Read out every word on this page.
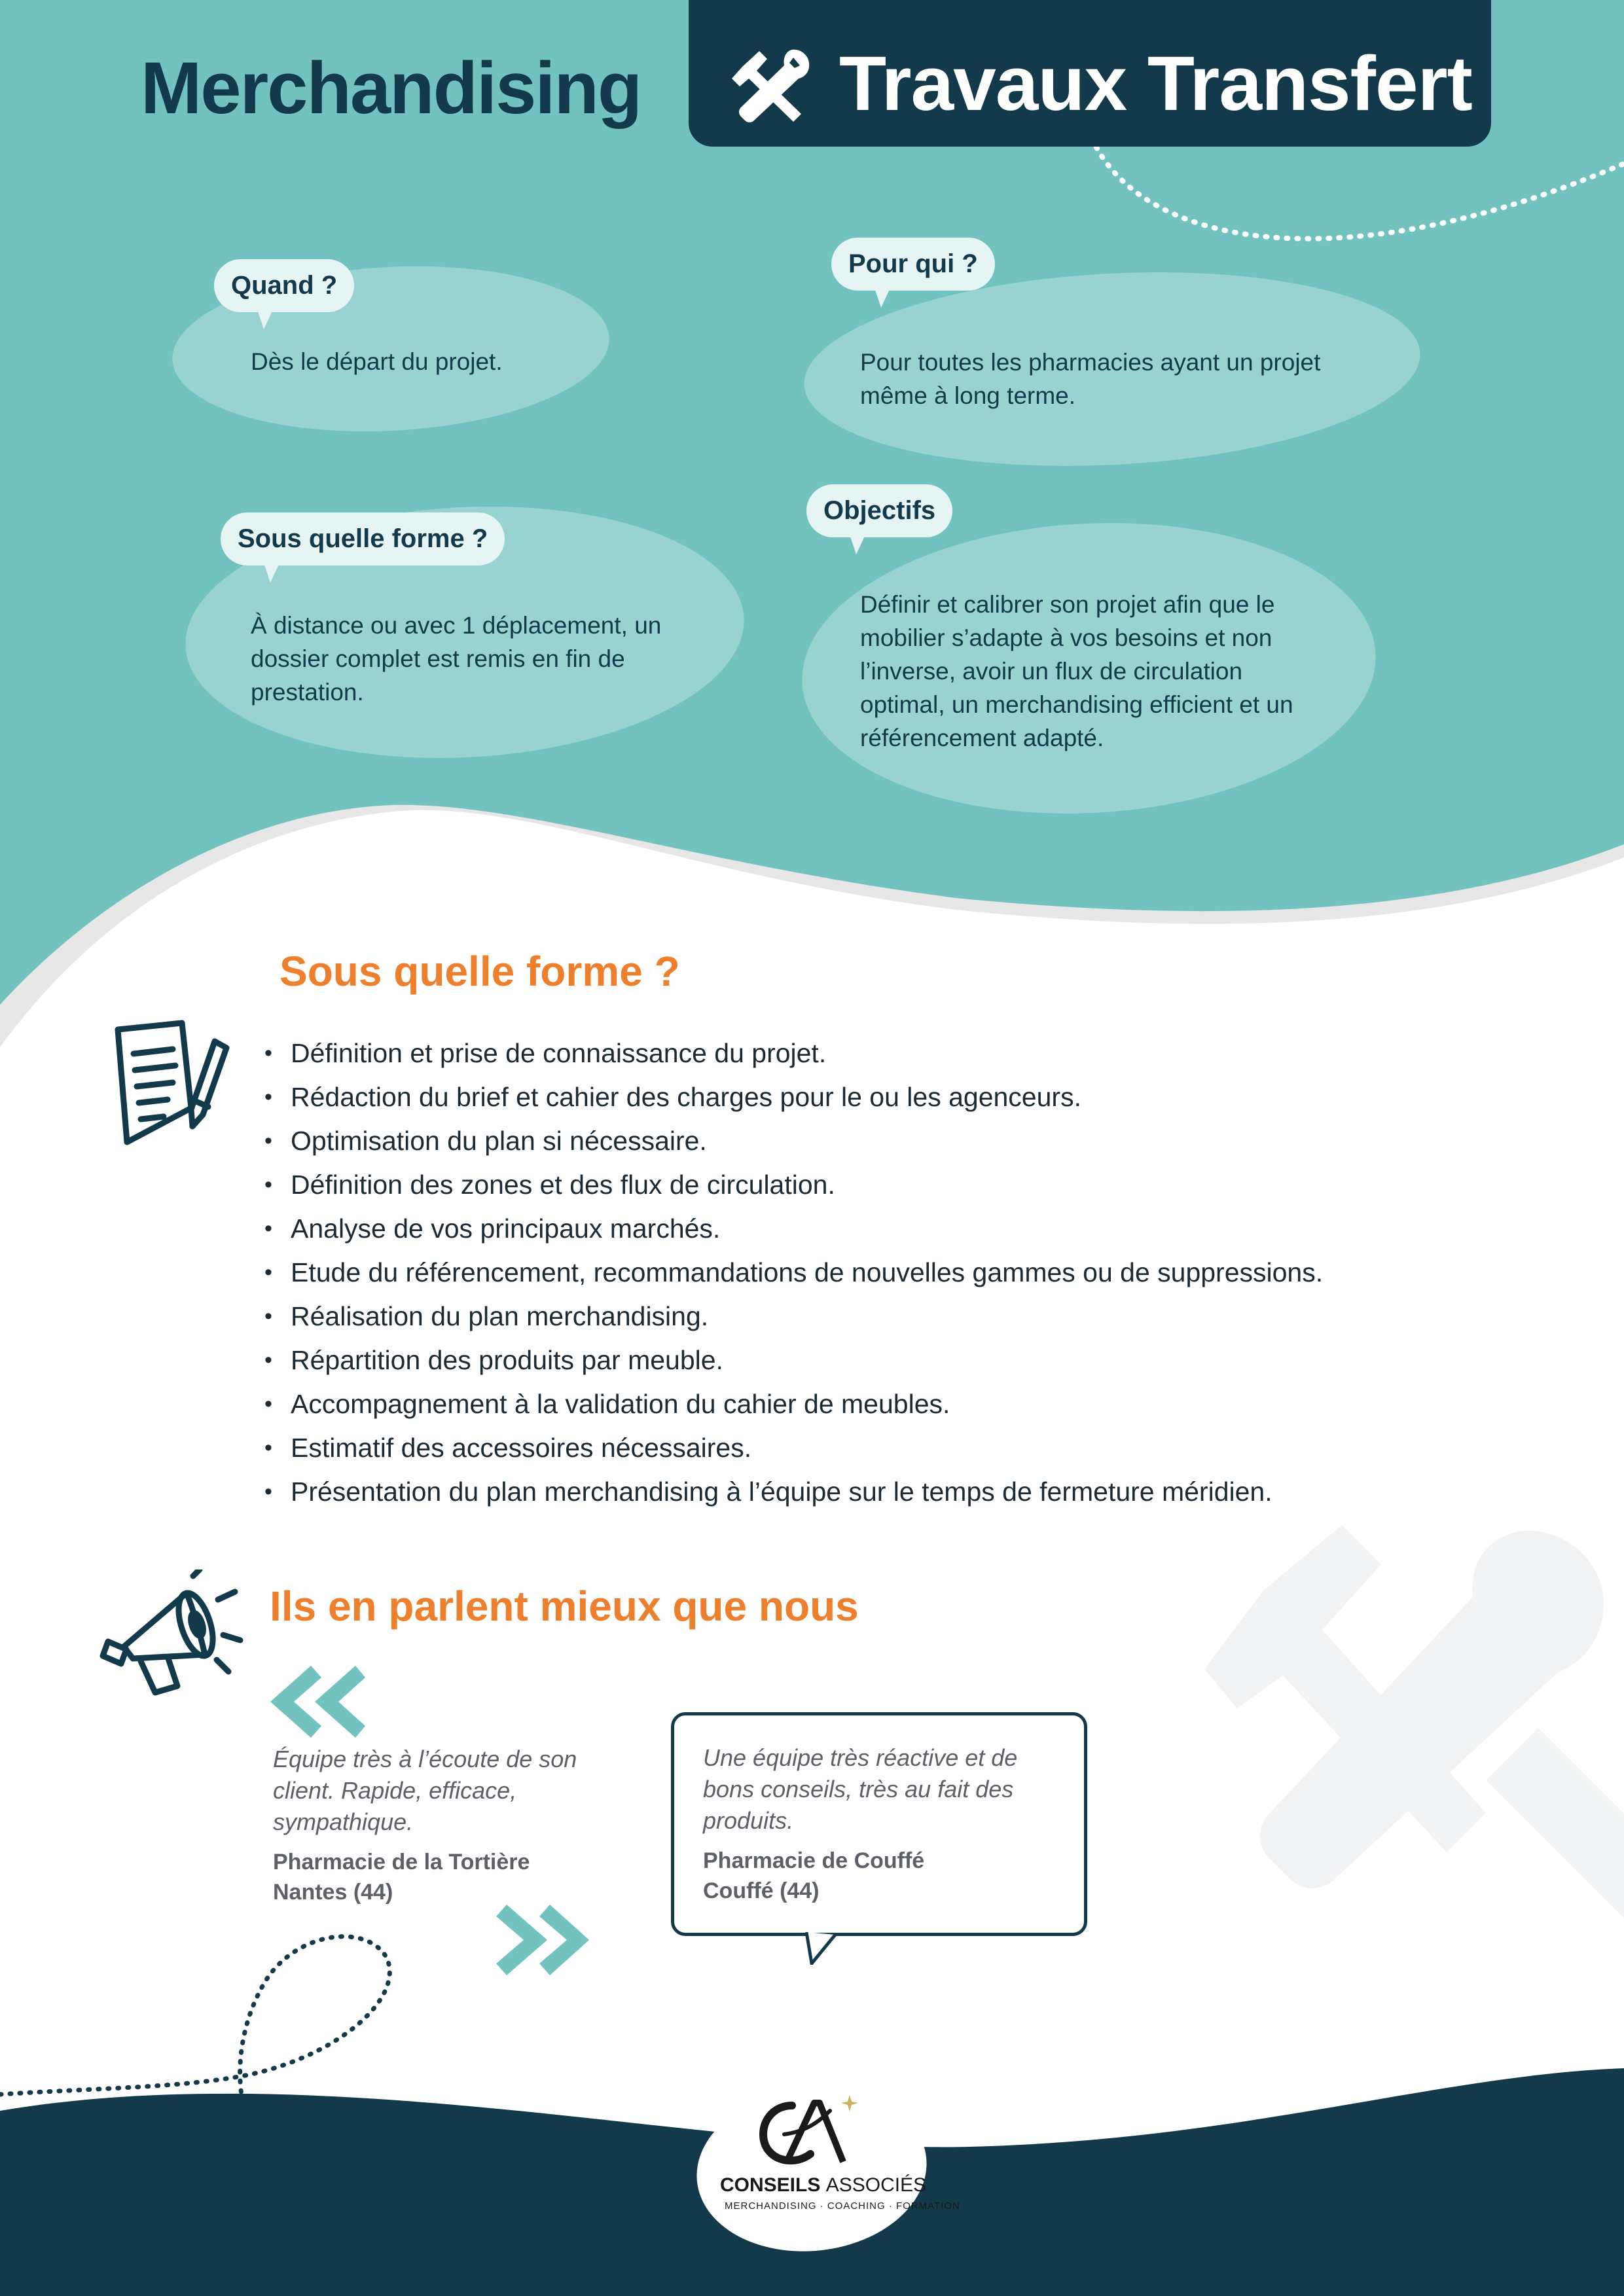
Merchandising	Travaux Transfert
Quand ?
Dès le départ du projet.
Pour qui ?
Pour toutes les pharmacies ayant un projet même à long terme.
Sous quelle forme ?
À distance ou avec 1 déplacement, un dossier complet est remis en fin de prestation.
Objectifs
Définir et calibrer son projet afin que le mobilier s’adapte à vos besoins et non l’inverse, avoir un flux de circulation optimal, un merchandising efficient et un référencement adapté.
Sous quelle forme ?
• Définition et prise de connaissance du projet.
• Rédaction du brief et cahier des charges pour le ou les agenceurs.
• Optimisation du plan si nécessaire.
• Définition des zones et des flux de circulation.
• Analyse de vos principaux marchés.
• Etude du référencement, recommandations de nouvelles gammes ou de suppressions.
• Réalisation du plan merchandising.
• Répartition des produits par meuble.
• Accompagnement à la validation du cahier de meubles.
• Estimatif des accessoires nécessaires.
• Présentation du plan merchandising à l’équipe sur le temps de fermeture méridien.
Ils en parlent mieux que nous
Équipe très à l’écoute de son client. Rapide, efficace, sympathique.
Pharmacie de la Tortière
Nantes (44)
Une équipe très réactive et de bons conseils, très au fait des produits.
Pharmacie de Couffé
Couffé (44)
CONSEILS ASSOCIÉS
MERCHANDISING · COACHING · FORMATION
